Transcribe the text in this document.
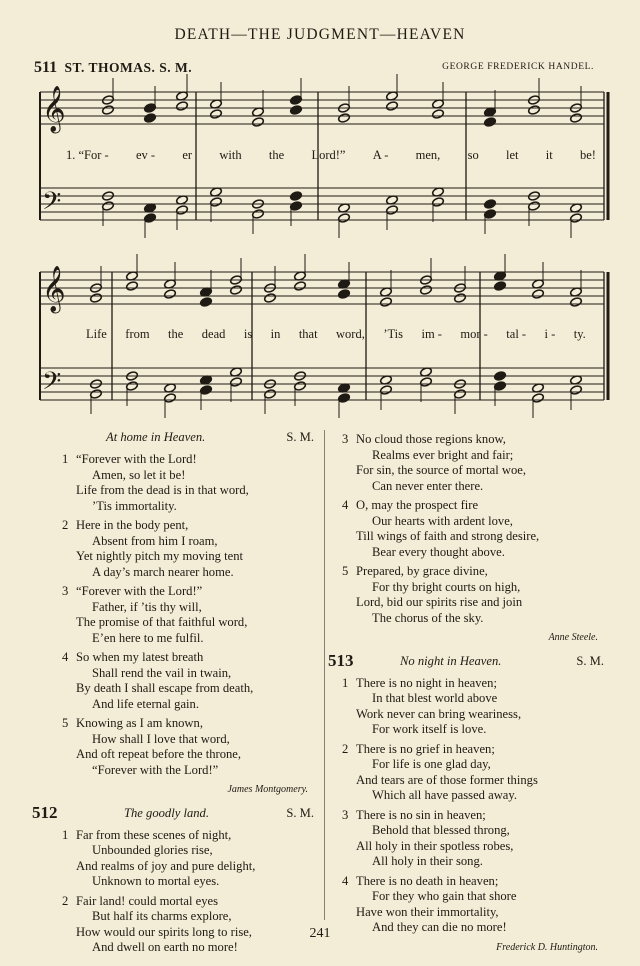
DEATH—THE JUDGMENT—HEAVEN
511 ST. THOMAS. S. M.	GEORGE FREDERICK HANDEL.
𝄞
𝄢
𝄞
𝄢
1. “For - ev - er with the Lord!” A - men, so let it be!
Life from the dead is in that word, ’Tis im - mor - tal - i - ty.
At home in Heaven.	S. M.
1 “Forever with the Lord!
Amen, so let it be!
Life from the dead is in that word,
’Tis immortality.
2 Here in the body pent,
Absent from him I roam,
Yet nightly pitch my moving tent
A day’s march nearer home.
3 “Forever with the Lord!”
Father, if ’tis thy will,
The promise of that faithful word,
E’en here to me fulfil.
4 So when my latest breath
Shall rend the vail in twain,
By death I shall escape from death,
And life eternal gain.
5 Knowing as I am known,
How shall I love that word,
And oft repeat before the throne,
“Forever with the Lord!”
James Montgomery.
512	The goodly land.	S. M.
1 Far from these scenes of night,
Unbounded glories rise,
And realms of joy and pure delight,
Unknown to mortal eyes.
2 Fair land! could mortal eyes
But half its charms explore,
How would our spirits long to rise,
And dwell on earth no more!
3 No cloud those regions know,
Realms ever bright and fair;
For sin, the source of mortal woe,
Can never enter there.
4 O, may the prospect fire
Our hearts with ardent love,
Till wings of faith and strong desire,
Bear every thought above.
5 Prepared, by grace divine,
For thy bright courts on high,
Lord, bid our spirits rise and join
The chorus of the sky.
Anne Steele.
513	No night in Heaven.	S. M.
1 There is no night in heaven;
In that blest world above
Work never can bring weariness,
For work itself is love.
2 There is no grief in heaven;
For life is one glad day,
And tears are of those former things
Which all have passed away.
3 There is no sin in heaven;
Behold that blessed throng,
All holy in their spotless robes,
All holy in their song.
4 There is no death in heaven;
For they who gain that shore
Have won their immortality,
And they can die no more!
Frederick D. Huntington.
241
